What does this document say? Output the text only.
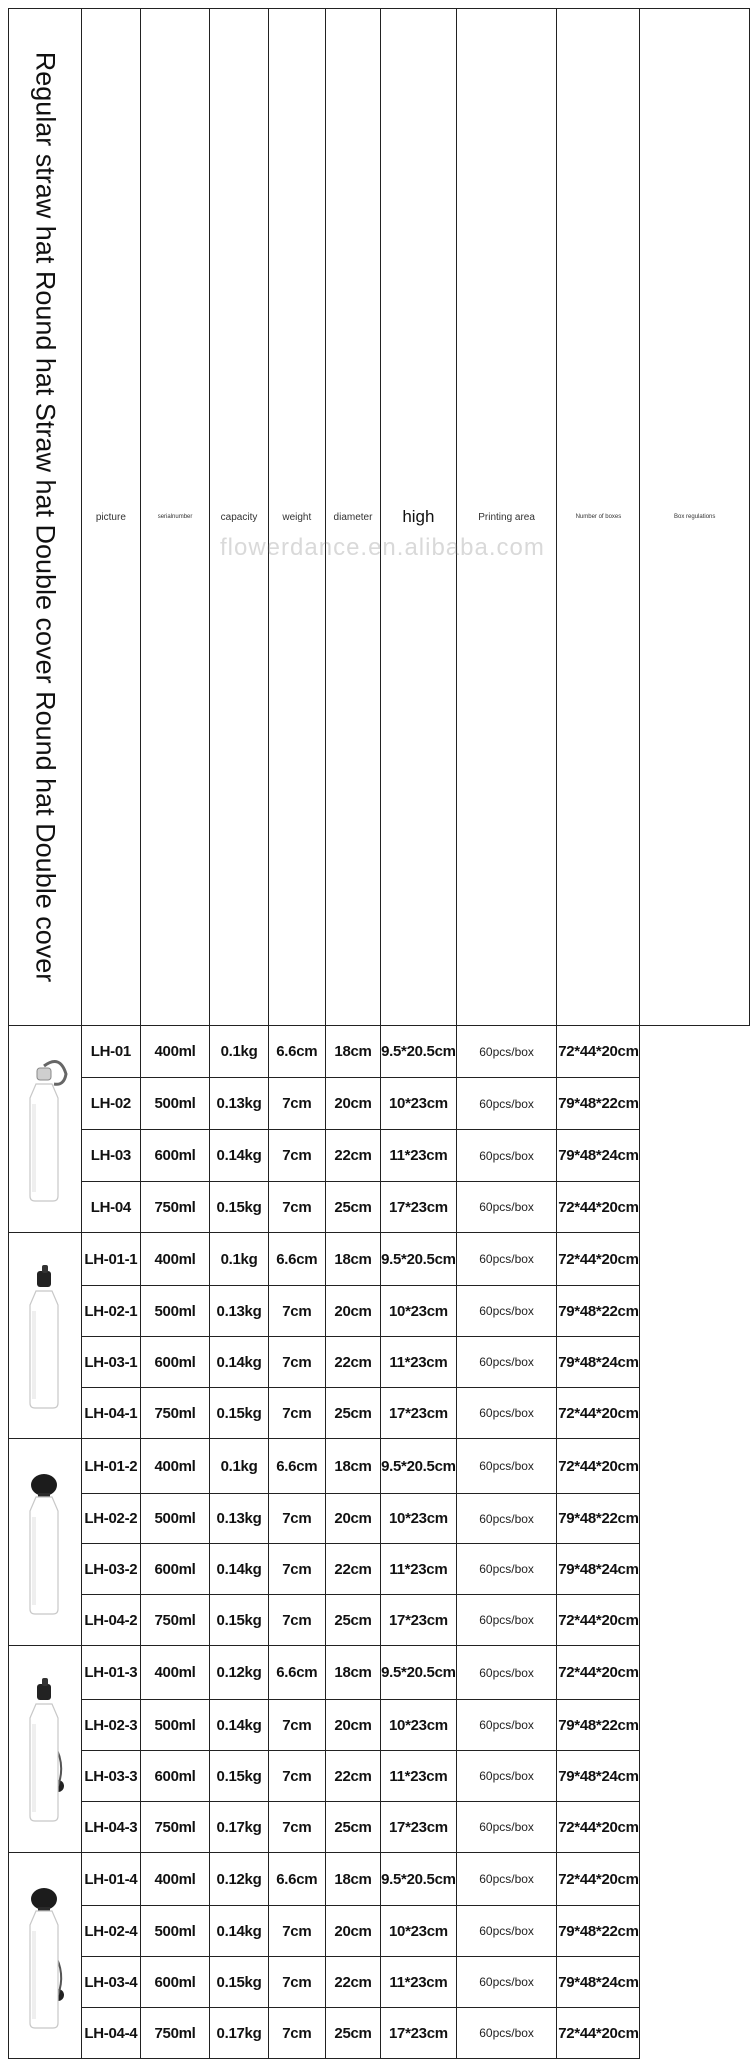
Regular straw hat Round hat Straw hat Double cover Round hat Double cover	picture	serialnumber	capacity	weight	diameter	high	Printing area	Number of boxes	Box regulations

	LH-01	400ml	0.1kg	6.6cm	18cm	9.5*20.5cm	60pcs/box	72*44*20cm	
	LH-02	500ml	0.13kg	7cm	20cm	10*23cm	60pcs/box	79*48*22cm	
	LH-03	600ml	0.14kg	7cm	22cm	11*23cm	60pcs/box	79*48*24cm	
	LH-04	750ml	0.15kg	7cm	25cm	17*23cm	60pcs/box	72*44*20cm	

	LH-01-1	400ml	0.1kg	6.6cm	18cm	9.5*20.5cm	60pcs/box	72*44*20cm	
	LH-02-1	500ml	0.13kg	7cm	20cm	10*23cm	60pcs/box	79*48*22cm	
	LH-03-1	600ml	0.14kg	7cm	22cm	11*23cm	60pcs/box	79*48*24cm	
	LH-04-1	750ml	0.15kg	7cm	25cm	17*23cm	60pcs/box	72*44*20cm	

	LH-01-2	400ml	0.1kg	6.6cm	18cm	9.5*20.5cm	60pcs/box	72*44*20cm	
	LH-02-2	500ml	0.13kg	7cm	20cm	10*23cm	60pcs/box	79*48*22cm	
	LH-03-2	600ml	0.14kg	7cm	22cm	11*23cm	60pcs/box	79*48*24cm	
	LH-04-2	750ml	0.15kg	7cm	25cm	17*23cm	60pcs/box	72*44*20cm	

	LH-01-3	400ml	0.12kg	6.6cm	18cm	9.5*20.5cm	60pcs/box	72*44*20cm	
	LH-02-3	500ml	0.14kg	7cm	20cm	10*23cm	60pcs/box	79*48*22cm	
	LH-03-3	600ml	0.15kg	7cm	22cm	11*23cm	60pcs/box	79*48*24cm	
	LH-04-3	750ml	0.17kg	7cm	25cm	17*23cm	60pcs/box	72*44*20cm	

	LH-01-4	400ml	0.12kg	6.6cm	18cm	9.5*20.5cm	60pcs/box	72*44*20cm	
	LH-02-4	500ml	0.14kg	7cm	20cm	10*23cm	60pcs/box	79*48*22cm	
	LH-03-4	600ml	0.15kg	7cm	22cm	11*23cm	60pcs/box	79*48*24cm	
	LH-04-4	750ml	0.17kg	7cm	25cm	17*23cm	60pcs/box	72*44*20cm	
flowerdance.en.alibaba.com
